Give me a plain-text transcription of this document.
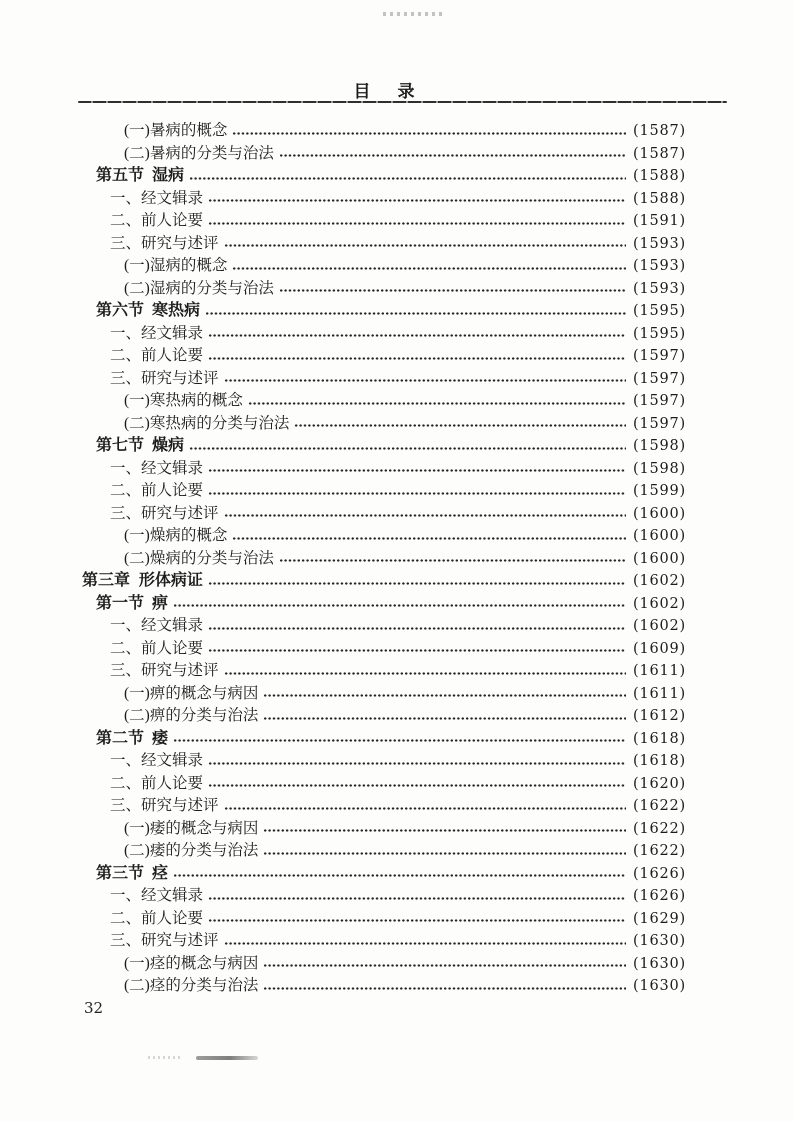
目    录
(一)暑病的概念	(1587)
(二)暑病的分类与治法	(1587)
第五节  湿病	(1588)
一、经文辑录	(1588)
二、前人论要	(1591)
三、研究与述评	(1593)
(一)湿病的概念	(1593)
(二)湿病的分类与治法	(1593)
第六节  寒热病	(1595)
一、经文辑录	(1595)
二、前人论要	(1597)
三、研究与述评	(1597)
(一)寒热病的概念	(1597)
(二)寒热病的分类与治法	(1597)
第七节  燥病	(1598)
一、经文辑录	(1598)
二、前人论要	(1599)
三、研究与述评	(1600)
(一)燥病的概念	(1600)
(二)燥病的分类与治法	(1600)
第三章  形体病证	(1602)
第一节  痹	(1602)
一、经文辑录	(1602)
二、前人论要	(1609)
三、研究与述评	(1611)
(一)痹的概念与病因	(1611)
(二)痹的分类与治法	(1612)
第二节  痿	(1618)
一、经文辑录	(1618)
二、前人论要	(1620)
三、研究与述评	(1622)
(一)痿的概念与病因	(1622)
(二)痿的分类与治法	(1622)
第三节  痉	(1626)
一、经文辑录	(1626)
二、前人论要	(1629)
三、研究与述评	(1630)
(一)痉的概念与病因	(1630)
(二)痉的分类与治法	(1630)
32
